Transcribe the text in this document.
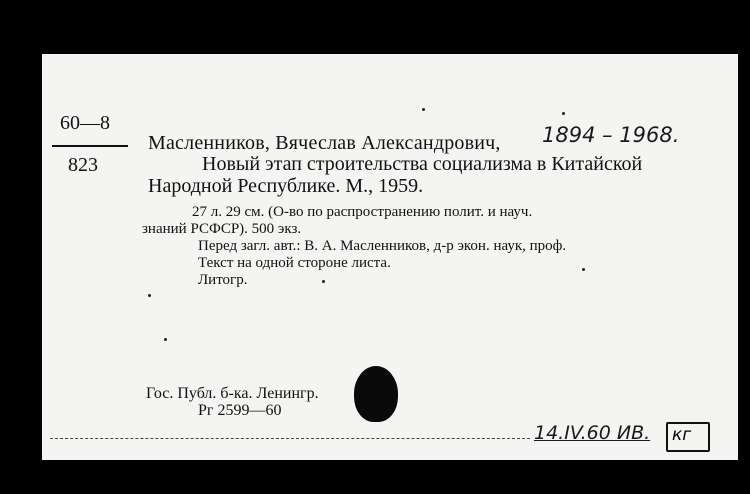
60—8
823
Масленников, Вячеслав Александрович, 1894 – 1968.
Новый этап строительства социализма в Китайской
Народной Республике. М., 1959.
27 л. 29 см. (О-во по распространению полит. и науч.
знаний РСФСР). 500 экз.
Перед загл. авт.: В. А. Масленников, д-р экон. наук, проф.
Текст на одной стороне листа.
Литогр.
Гос. Публ. б-ка. Ленингр.
Рг 2599—60
14.IV.60 ИВ. кг
